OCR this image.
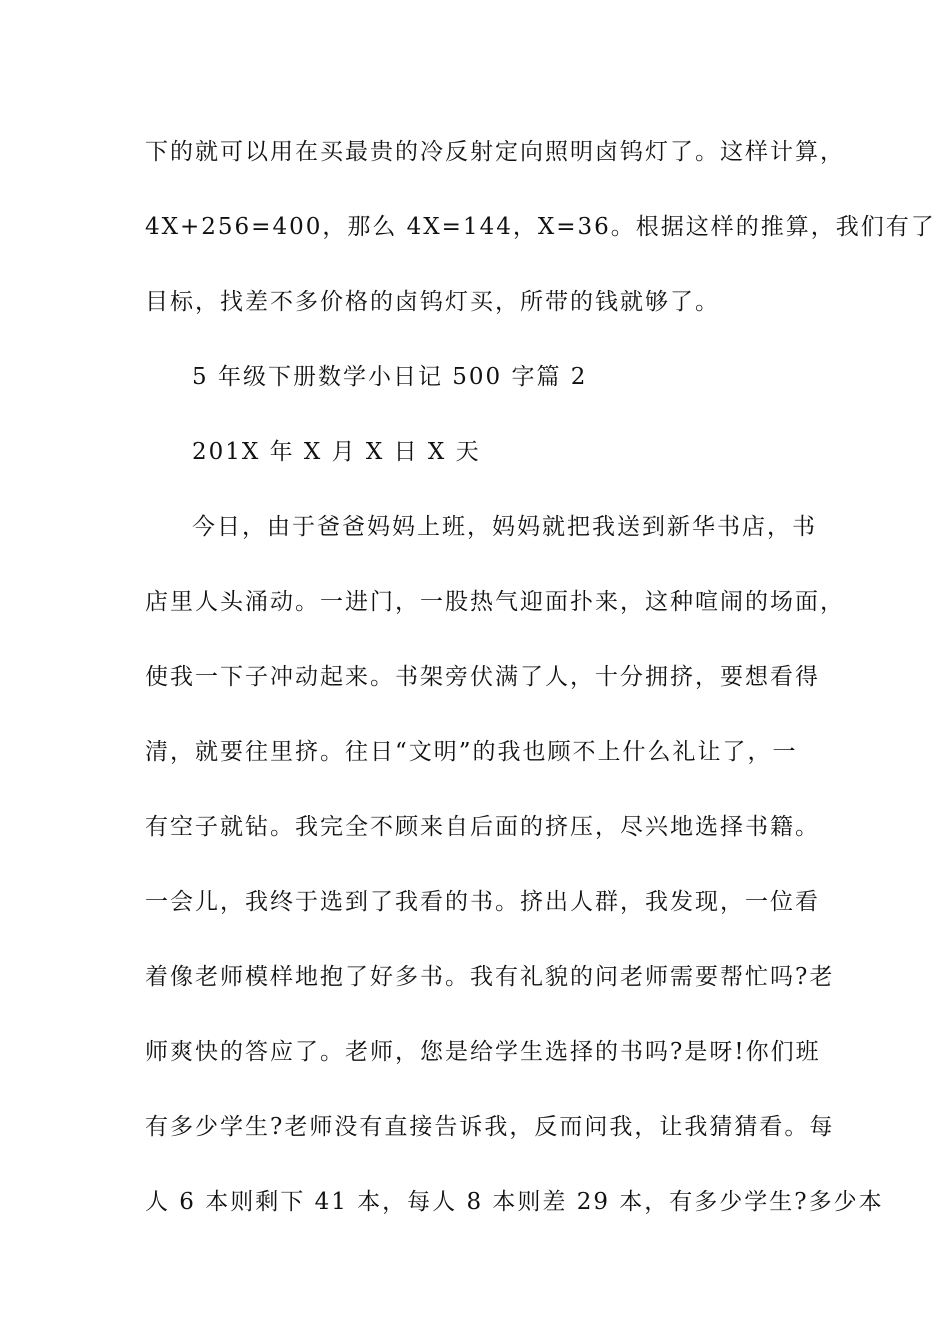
下的就可以用在买最贵的冷反射定向照明卤钨灯了。这样计算，
4X+256=400，那么 4X=144，X=36。根据这样的推算，我们有了
目标，找差不多价格的卤钨灯买，所带的钱就够了。
5 年级下册数学小日记 500 字篇 2
201X 年 X 月 X 日 X 天
今日，由于爸爸妈妈上班，妈妈就把我送到新华书店，书
店里人头涌动。一进门，一股热气迎面扑来，这种喧闹的场面，
使我一下子冲动起来。书架旁伏满了人，十分拥挤，要想看得
清，就要往里挤。往日“文明”的我也顾不上什么礼让了，一
有空子就钻。我完全不顾来自后面的挤压，尽兴地选择书籍。
一会儿，我终于选到了我看的书。挤出人群，我发现，一位看
着像老师模样地抱了好多书。我有礼貌的问老师需要帮忙吗?老
师爽快的答应了。老师，您是给学生选择的书吗?是呀!你们班
有多少学生?老师没有直接告诉我，反而问我，让我猜猜看。每
人 6 本则剩下 41 本，每人 8 本则差 29 本，有多少学生?多少本
